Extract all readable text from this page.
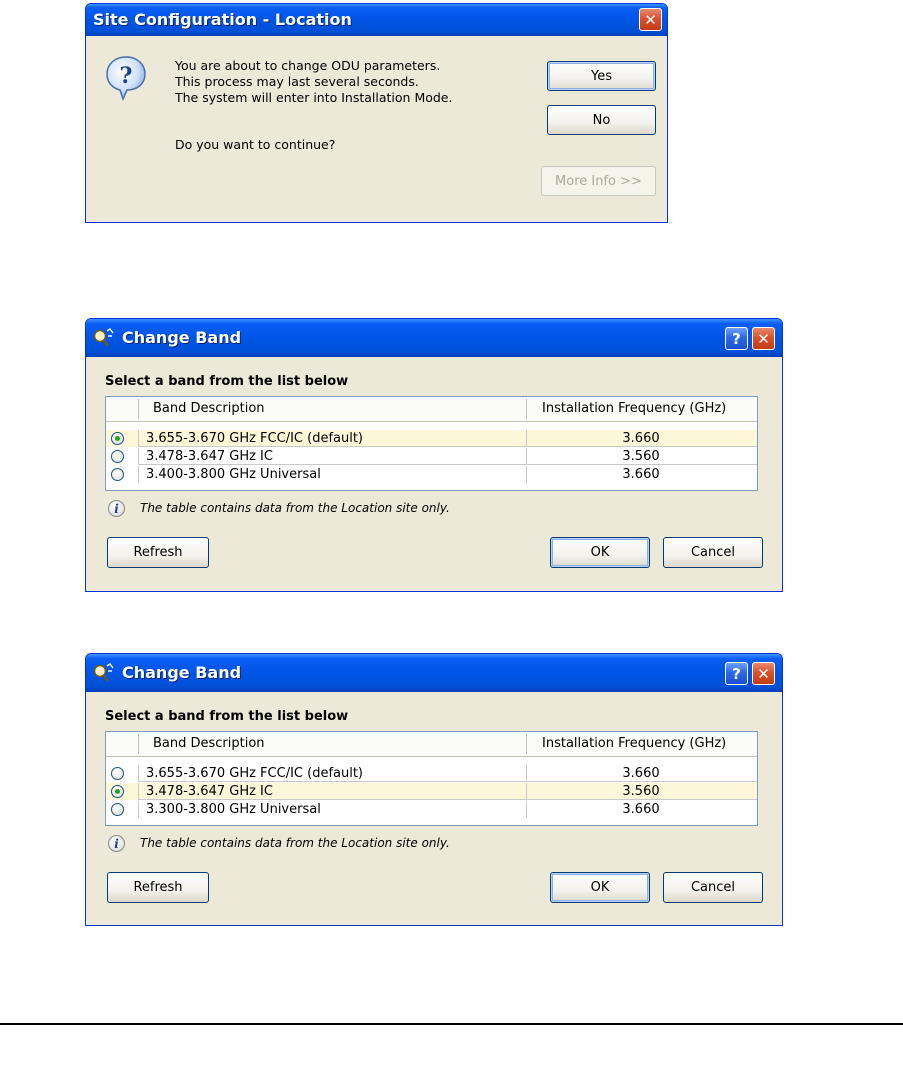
Site Configuration - Location	✕
?	You are about to change ODU parameters.
This process may last several seconds.
The system will enter into Installation Mode.
Do you want to continue?
Yes
No
More Info >>
Change Band	? ✕
Select a band from the list below
Band Description	Installation Frequency (GHz)
3.655-3.670 GHz FCC/IC (default)	3.660
3.478-3.647 GHz IC	3.560
3.400-3.800 GHz Universal	3.660
i	The table contains data from the Location site only.
Refresh	OK	Cancel
Change Band	? ✕
Select a band from the list below
Band Description	Installation Frequency (GHz)
3.655-3.670 GHz FCC/IC (default)	3.660
3.478-3.647 GHz IC	3.560
3.300-3.800 GHz Universal	3.660
i	The table contains data from the Location site only.
Refresh	OK	Cancel
